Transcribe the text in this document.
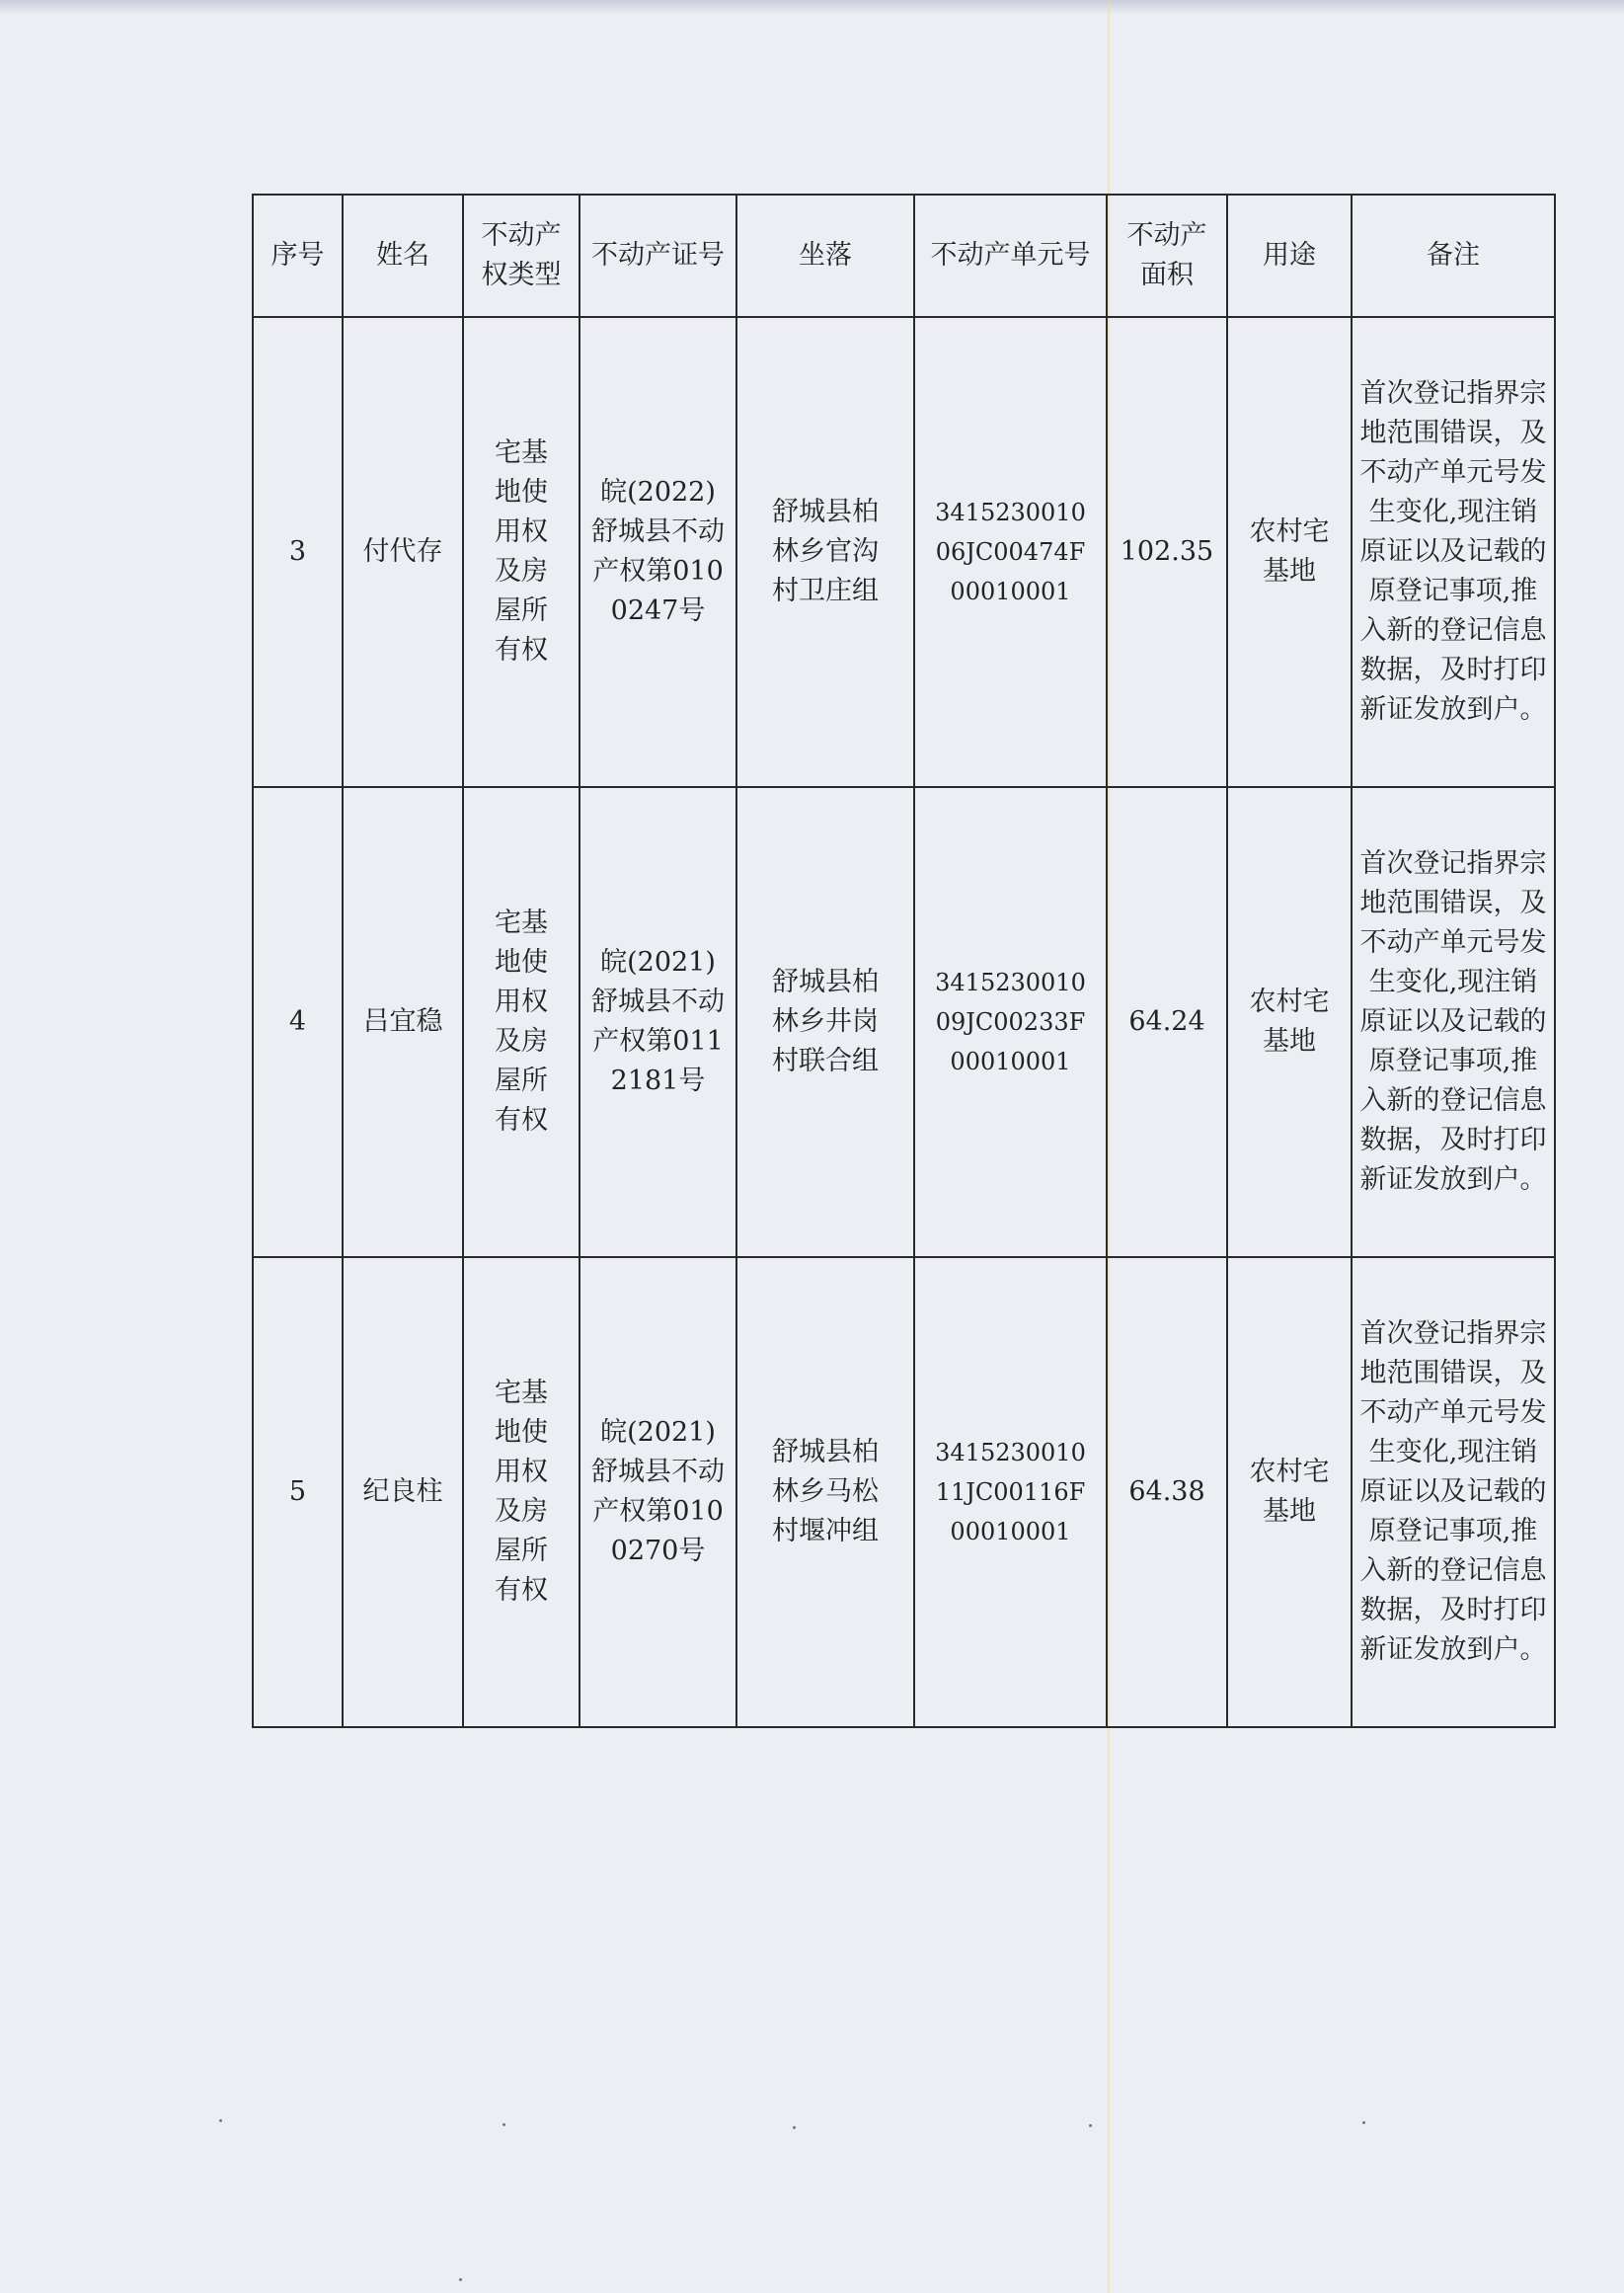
序号	姓名	不动产权类型	不动产证号	坐落	不动产单元号	不动产面积	用途	备注
3	付代存	宅基地使用权及房屋所有权	皖(2022)舒城县不动产权第0100247号	舒城县柏林乡官沟村卫庄组	341523001006JC00474F00010001	102.35	农村宅基地	首次登记指界宗地范围错误，及不动产单元号发生变化,现注销原证以及记载的原登记事项,推入新的登记信息数据，及时打印新证发放到户。
4	吕宜稳	宅基地使用权及房屋所有权	皖(2021)舒城县不动产权第0112181号	舒城县柏林乡井岗村联合组	341523001009JC00233F00010001	64.24	农村宅基地	首次登记指界宗地范围错误，及不动产单元号发生变化,现注销原证以及记载的原登记事项,推入新的登记信息数据，及时打印新证发放到户。
5	纪良柱	宅基地使用权及房屋所有权	皖(2021)舒城县不动产权第0100270号	舒城县柏林乡马松村堰冲组	341523001011JC00116F00010001	64.38	农村宅基地	首次登记指界宗地范围错误，及不动产单元号发生变化,现注销原证以及记载的原登记事项,推入新的登记信息数据，及时打印新证发放到户。
